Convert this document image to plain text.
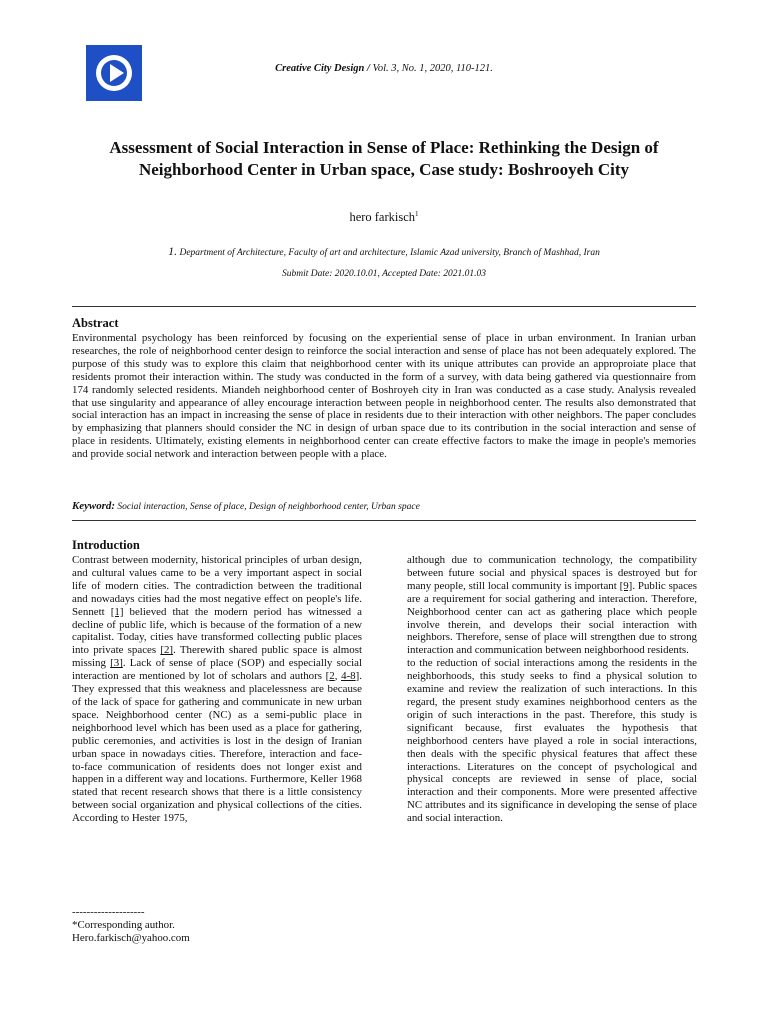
Creative City Design / Vol. 3, No. 1, 2020, 110-121.
Assessment of Social Interaction in Sense of Place: Rethinking the Design of Neighborhood Center in Urban space, Case study: Boshrooyeh City
hero farkisch$^1$
1. Department of Architecture, Faculty of art and architecture, Islamic Azad university, Branch of Mashhad, Iran
Submit Date: 2020.10.01, Accepted Date: 2021.01.03
Abstract
Environmental psychology has been reinforced by focusing on the experiential sense of place in urban environment. In Iranian urban researches, the role of neighborhood center design to reinforce the social interaction and sense of place has not been adequately explored. The purpose of this study was to explore this claim that neighborhood center with its unique attributes can provide an approproiate place that residents promot their interaction within. The study was conducted in the form of a survey, with data being gathered via questionnaire from 174 randomly selected residents. Miandeh neighborhood center of Boshroyeh city in Iran was conducted as a case study. Analysis revealed that use singularity and appearance of alley encourage interaction between people in neighborhood center. The results also demonstrated that social interaction has an impact in increasing the sense of place in residents due to their interaction with other neighbors. The paper concludes by emphasizing that planners should consider the NC in design of urban space due to its contribution in the social interaction and sense of place in residents. Ultimately, existing elements in neighborhood center can create effective factors to make the image in people's memories and provide social network and interaction between people with a place.
Keyword: Social interaction, Sense of place, Design of neighborhood center, Urban space
Introduction

Contrast between modernity, historical principles of urban design, and cultural values came to be a very important aspect in social life of modern cities. The contradiction between the traditional and nowadays cities had the most negative effect on people's life. Sennett [1] believed that the modern period has witnessed a decline of public life, which is because of the formation of a new capitalist. Today, cities have transformed collecting public places into private spaces [2]. Therewith shared public space is almost missing [3]. Lack of sense of place (SOP) and especially social interaction are mentioned by lot of scholars and authors [2, 4-8]. They expressed that this weakness and placelessness are because of the lack of space for gathering and communicate in new urban space. Neighborhood center (NC) as a semi-public place in neighborhood level which has been used as a place for gathering, public ceremonies, and activities is lost in the design of Iranian urban space in nowadays cities. Therefore, interaction and face-to-face communication of residents does not longer exist and happen in a different way and locations. Furthermore, Keller 1968 stated that recent research shows that there is a little consistency between social organization and physical collections of the cities. According to Hester 1975,

--------------------
*Corresponding author.
Hero.farkisch@yahoo.com

although due to communication technology, the compatibility between future social and physical spaces is destroyed but for many people, still local community is important [9]. Public spaces are a requirement for social gathering and interaction. Therefore, Neighborhood center can act as gathering place which people involve therein, and develops their social interaction with neighbors. Therefore, sense of place will strengthen due to strong interaction and communication between neighborhood residents.

to the reduction of social interactions among the residents in the neighborhoods, this study seeks to find a physical solution to examine and review the realization of such interactions. In this regard, the present study examines neighborhood centers as the origin of such interactions in the past. Therefore, this study is significant because, first evaluates the hypothesis that neighborhood centers have played a role in social interactions, then deals with the specific physical features that affect these interactions. Literatures on the concept of psychological and physical concepts are reviewed in sense of place, social interaction and their components. More were presented affective NC attributes and its significance in developing the sense of place and social interaction.
